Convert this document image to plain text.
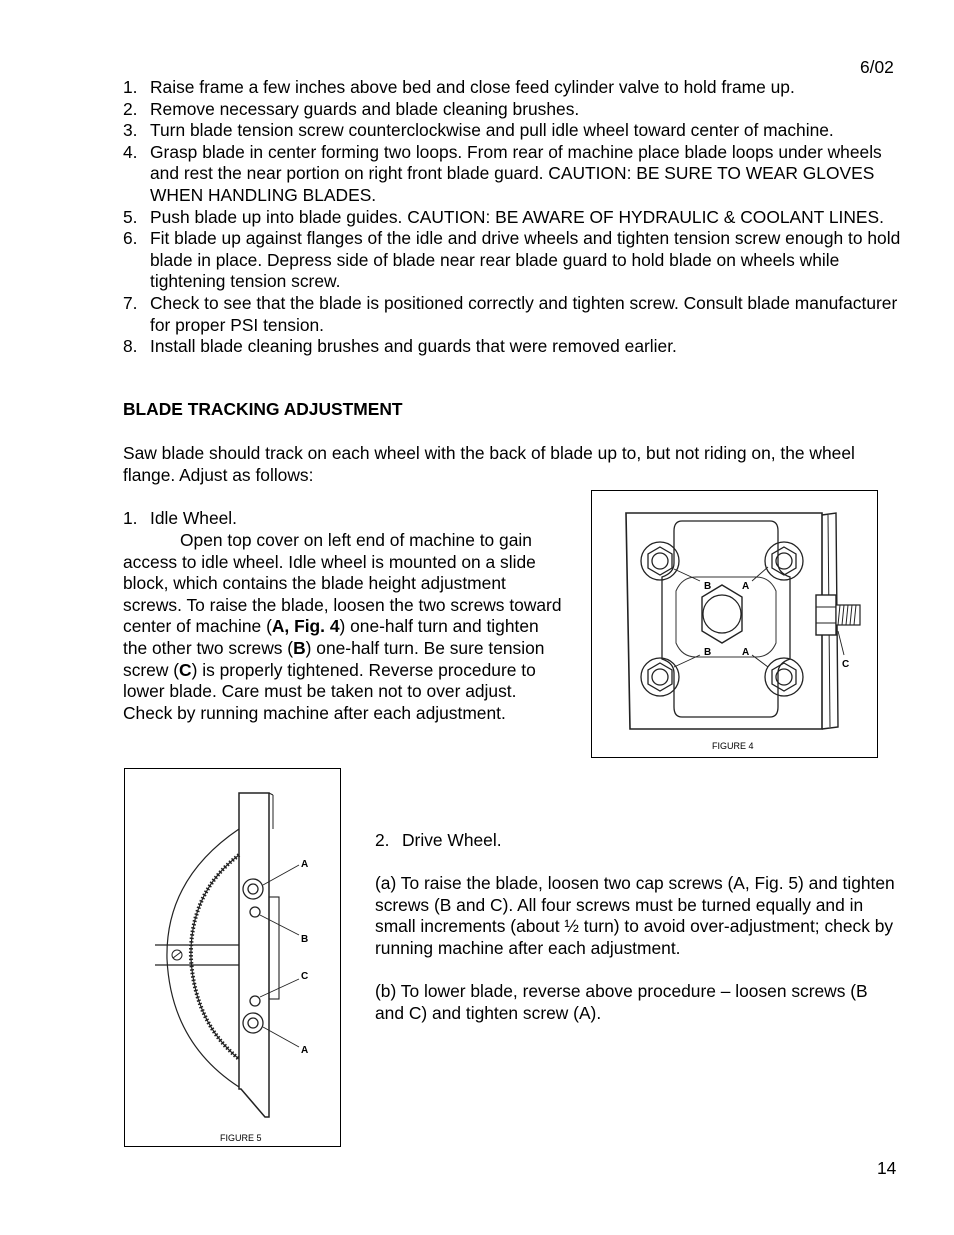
6/02
1. Raise frame a few inches above bed and close feed cylinder valve to hold frame up.
2. Remove necessary guards and blade cleaning brushes.
3. Turn blade tension screw counterclockwise and pull idle wheel toward center of machine.
4. Grasp blade in center forming two loops. From rear of machine place blade loops under wheels and rest the near portion on right front blade guard. CAUTION: BE SURE TO WEAR GLOVES WHEN HANDLING BLADES.
5. Push blade up into blade guides. CAUTION: BE AWARE OF HYDRAULIC & COOLANT LINES.
6. Fit blade up against flanges of the idle and drive wheels and tighten tension screw enough to hold blade in place. Depress side of blade near rear blade guard to hold blade on wheels while tightening tension screw.
7. Check to see that the blade is positioned correctly and tighten screw. Consult blade manufacturer for proper PSI tension.
8. Install blade cleaning brushes and guards that were removed earlier.
BLADE TRACKING ADJUSTMENT
Saw blade should track on each wheel with the back of blade up to, but not riding on, the wheel flange. Adjust as follows:
1. Idle Wheel.
Open top cover on left end of machine to gain access to idle wheel. Idle wheel is mounted on a slide block, which contains the blade height adjustment screws. To raise the blade, loosen the two screws toward center of machine (A, Fig. 4) one-half turn and tighten the other two screws (B) one-half turn. Be sure tension screw (C) is properly tightened. Reverse procedure to lower blade. Care must be taken not to over adjust. Check by running machine after each adjustment.
B	A
B	A
C
FIGURE 4
A
B
C
A
FIGURE 5
2. Drive Wheel.
(a) To raise the blade, loosen two cap screws (A, Fig. 5) and tighten screws (B and C). All four screws must be turned equally and in small increments (about ½ turn) to avoid over-adjustment; check by running machine after each adjustment.
(b) To lower blade, reverse above procedure – loosen screws (B and C) and tighten screw (A).
14
